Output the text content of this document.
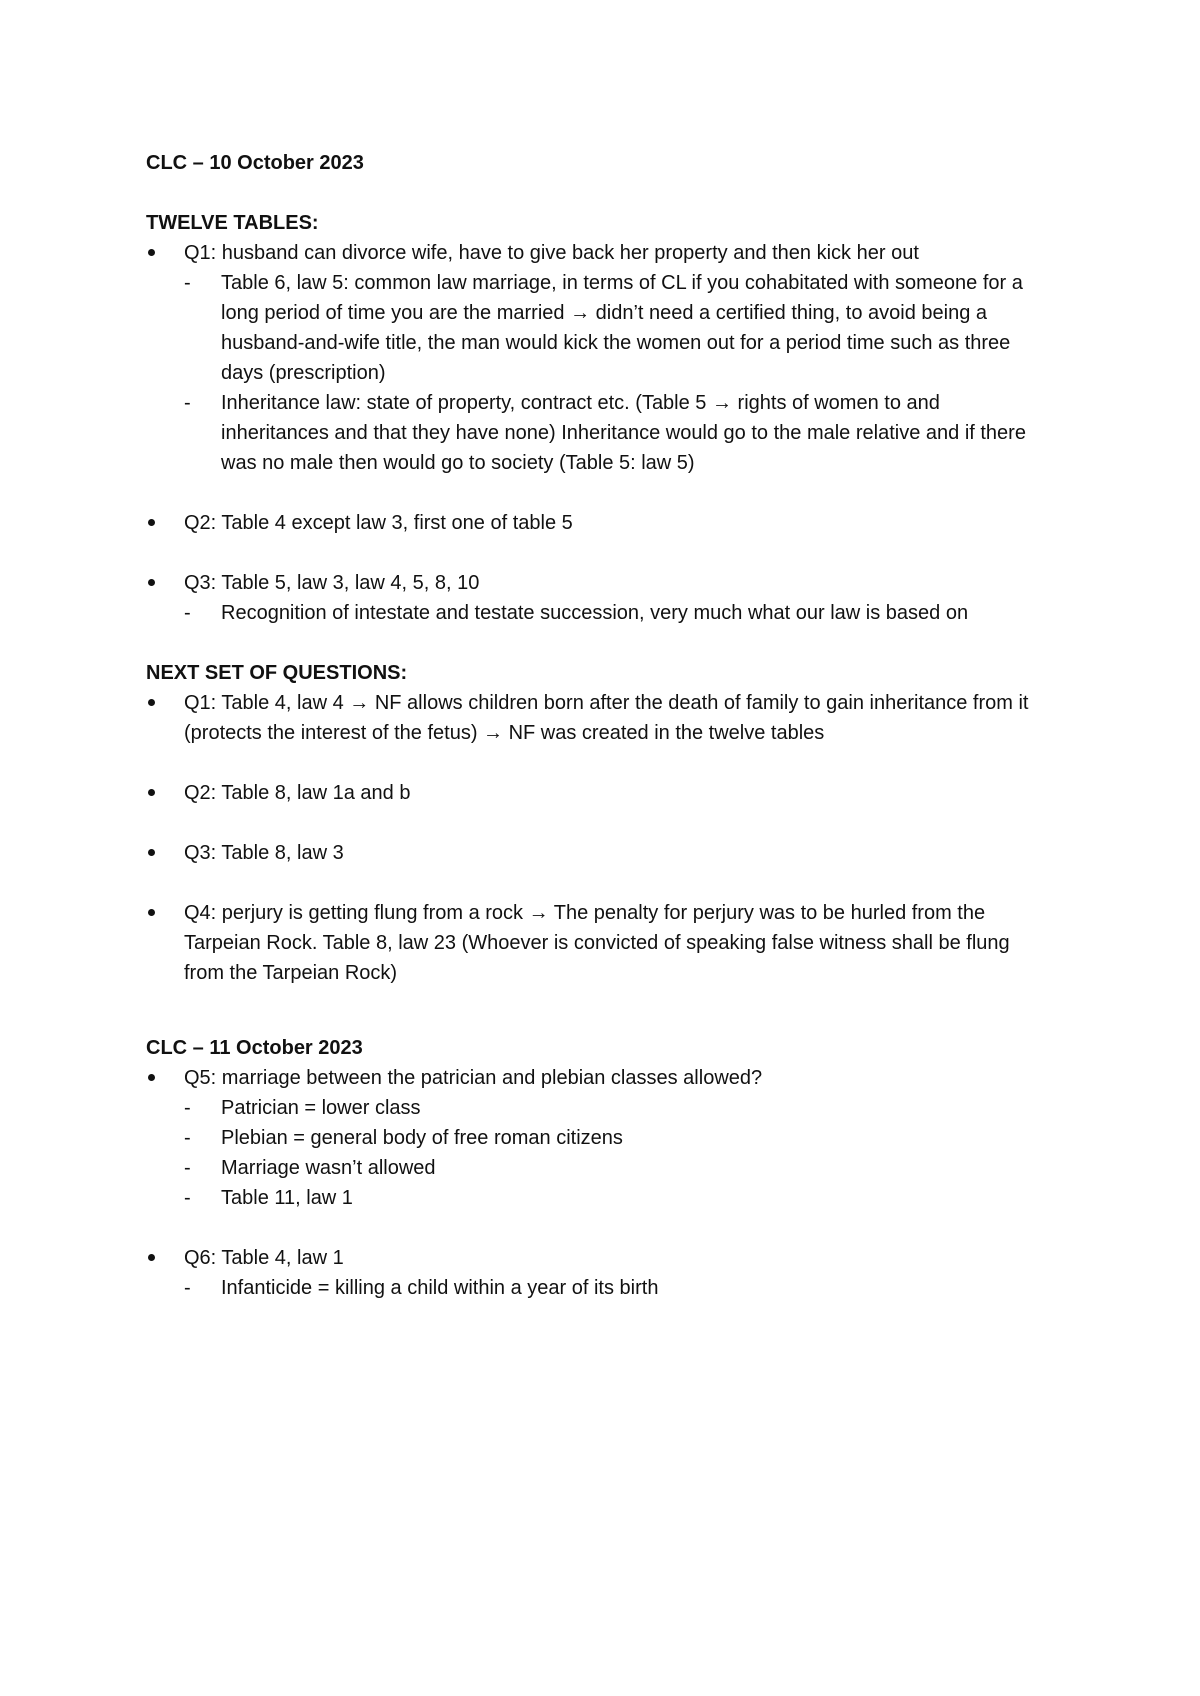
CLC – 10 October 2023

TWELVE TABLES:

Q1: husband can divorce wife, have to give back her property and then kick her out
- Table 6, law 5: common law marriage, in terms of CL if you cohabitated with someone for a long period of time you are the married → didn’t need a certified thing, to avoid being a husband-and-wife title, the man would kick the women out for a period time such as three days (prescription)
- Inheritance law: state of property, contract etc. (Table 5 → rights of women to and inheritances and that they have none) Inheritance would go to the male relative and if there was no male then would go to society (Table 5: law 5)
Q2: Table 4 except law 3, first one of table 5
Q3: Table 5, law 3, law 4, 5, 8, 10
- Recognition of intestate and testate succession, very much what our law is based on

NEXT SET OF QUESTIONS:

Q1: Table 4, law 4 → NF allows children born after the death of family to gain inheritance from it (protects the interest of the fetus) → NF was created in the twelve tables
Q2: Table 8, law 1a and b
Q3: Table 8, law 3
Q4: perjury is getting flung from a rock → The penalty for perjury was to be hurled from the Tarpeian Rock. Table 8, law 23 (Whoever is convicted of speaking false witness shall be flung from the Tarpeian Rock)

CLC – 11 October 2023

Q5: marriage between the patrician and plebian classes allowed?
- Patrician = lower class
- Plebian = general body of free roman citizens
- Marriage wasn’t allowed
- Table 11, law 1
Q6: Table 4, law 1
- Infanticide = killing a child within a year of its birth
